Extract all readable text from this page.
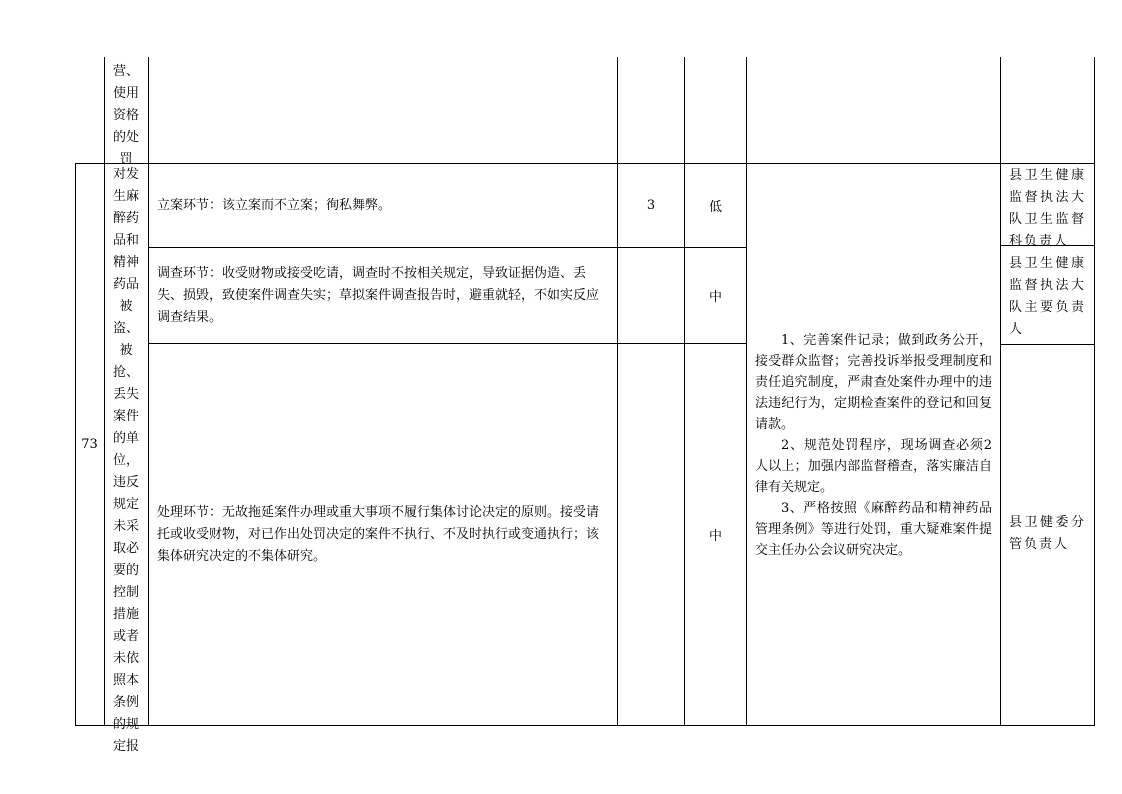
营、使用资格的处罚
73
对发生麻醉药品和精神药品被盗、被抢、丢失案件的单位，违反规定未采取必要的控制措施或者未依照本条例的规定报
立案环节：该立案而不立案；徇私舞弊。	3	低
调查环节：收受财物或接受吃请，调查时不按相关规定，导致证据伪造、丢失、损毁，致使案件调查失实；草拟案件调查报告时，避重就轻，不如实反应调查结果。
中
处理环节：无故拖延案件办理或重大事项不履行集体讨论决定的原则。接受请托或收受财物，对已作出处罚决定的案件不执行、不及时执行或变通执行；该集体研究决定的不集体研究。
中

1、完善案件记录；做到政务公开，接受群众监督；完善投诉举报受理制度和责任追究制度，严肃查处案件办理中的违法违纪行为，定期检查案件的登记和回复请款。

2、规范处罚程序，现场调查必须2人以上；加强内部监督稽查，落实廉洁自律有关规定。

3、严格按照《麻醉药品和精神药品管理条例》等进行处罚，重大疑难案件提交主任办公会议研究决定。

县卫生健康监督执法大队卫生监督科负责人
县卫生健康监督执法大队主要负责人
县卫健委分管负责人
